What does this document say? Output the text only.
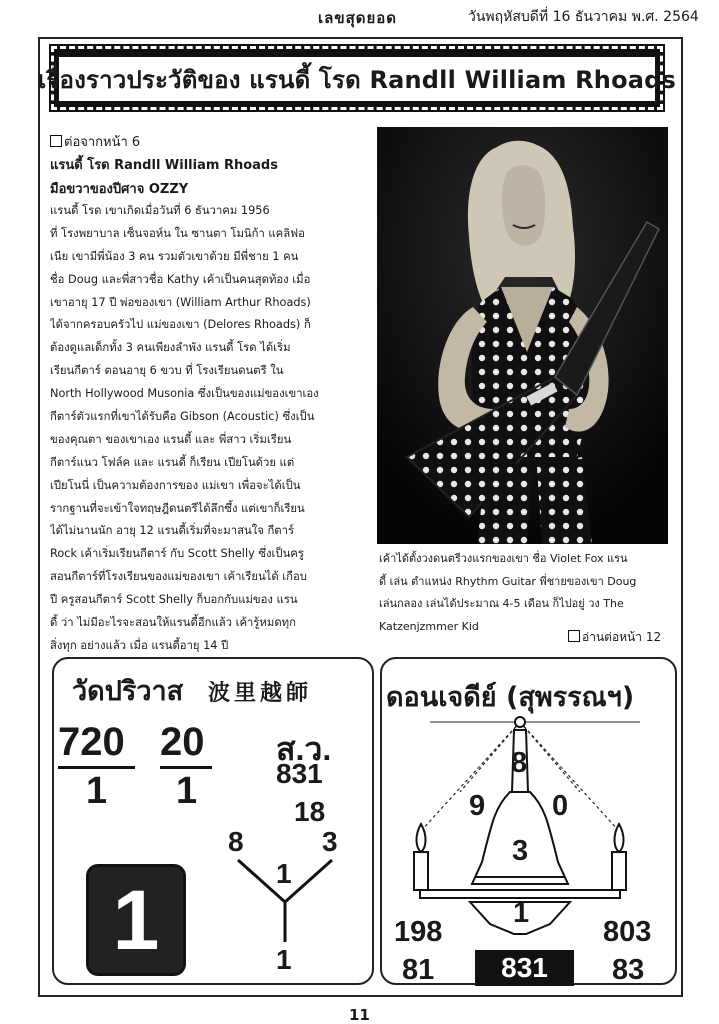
เลขสุดยอด	วันพฤหัสบดีที่ 16 ธันวาคม พ.ศ. 2564
เรื่องราวประวัติของ แรนดี้ โรด Randll William Rhoads
ต่อจากหน้า 6
แรนดี้ โรด Randll William Rhoads
มือขวาของปีศาจ OZZY
แรนดี้ โรด เขาเกิดเมื่อวันที่ 6 ธันวาคม 1956
ที่ โรงพยาบาล เซ็นจอห์น ใน ซานตา โมนิก้า แคลิฟอ
เนีย เขามีพี่น้อง 3 คน รวมตัวเขาด้วย มีพี่ชาย 1 คน
ชื่อ Doug และพี่สาวชื่อ Kathy เค้าเป็นคนสุดท้อง เมื่อ
เขาอายุ 17 ปี พ่อของเขา (William Arthur Rhoads)
ได้จากครอบครัวไป แม่ของเขา (Delores Rhoads) ก็
ต้องดูแลเด็กทั้ง 3 คนเพียงลำพัง แรนดี้ โรด ได้เริ่ม
เรียนกีตาร์ ตอนอายุ 6 ขวบ ที่ โรงเรียนดนตรี ใน
North Hollywood Musonia ซึ่งเป็นของแม่ของเขาเอง
กีตาร์ตัวแรกที่เขาได้รับคือ Gibson (Acoustic) ซึ่งเป็น
ของคุณตา ของเขาเอง แรนดี้ และ พี่สาว เริ่มเรียน
กีตาร์แนว โฟล์ค และ แรนดี้ ก็เรียน เปียโนด้วย แต่
เปียโนนี่ เป็นความต้องการของ แม่เขา เพื่อจะได้เป็น
รากฐานที่จะเข้าใจทฤษฎีดนตรีได้ลึกซึ้ง แต่เขาก็เรียน
ได้ไม่นานนัก อายุ 12 แรนดี้เริ่มที่จะมาสนใจ กีตาร์
Rock เค้าเริ่มเรียนกีตาร์ กับ Scott Shelly ซึ่งเป็นครู
สอนกีตาร์ที่โรงเรียนของแม่ของเขา เค้าเรียนได้ เกือบ
ปี ครูสอนกีตาร์ Scott Shelly ก็บอกกับแม่ของ แรน
ดี้ ว่า ไม่มีอะไรจะสอนให้แรนดี้อีกแล้ว เค้ารู้หมดทุก
สิ่งทุก อย่างแล้ว เมื่อ แรนดี้อายุ 14 ปี
เค้าได้ตั้งวงดนตรีวงแรกของเขา ชื่อ Violet Fox แรน
ดี้ เล่น ตำแหน่ง Rhythm Guitar พี่ชายของเขา Doug
เล่นกลอง เล่นได้ประมาณ 4-5 เดือน ก็ไปอยู่ วง The
Katzenjzmmer Kid
อ่านต่อหน้า 12
วัดปริวาส 波里越師
720
1
20
1
ส.ว.
831
18
1
8	3
1
1
ดอนเจดีย์ (สุพรรณฯ)
8
9 0
3
1
198	803
81 831 83
11
